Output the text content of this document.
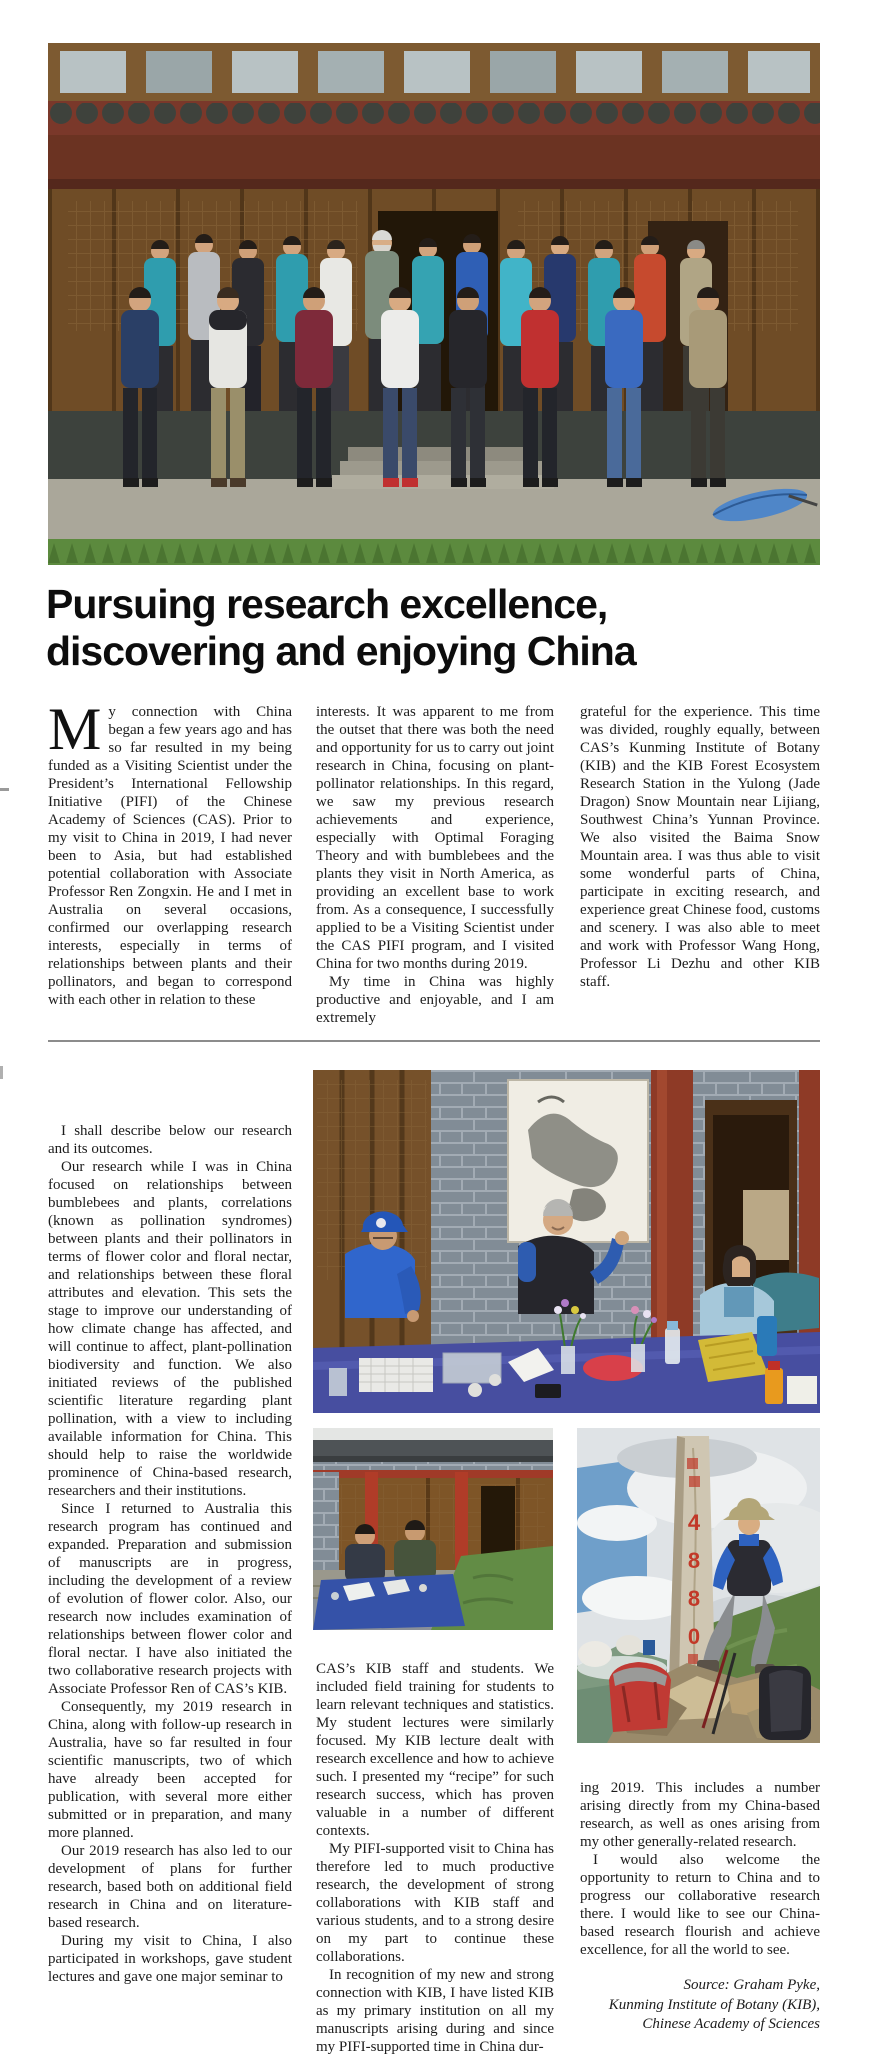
Pursuing research excellence,
discovering and enjoying China

My connection with China began a few years ago and has so far resulted in my being funded as a Visiting Scientist under the President’s International Fellowship Initiative (PIFI) of the Chinese Academy of Sciences (CAS). Prior to my visit to China in 2019, I had never been to Asia, but had established potential collaboration with Associate Professor Ren Zongxin. He and I met in Australia on several occasions, confirmed our overlapping research interests, especially in terms of relationships between plants and their pollinators, and began to correspond with each other in relation to these

interests. It was apparent to me from the outset that there was both the need and opportunity for us to carry out joint research in China, focusing on plant-pollinator relationships. In this regard, we saw my previous research achievements and experience, especially with Optimal Foraging Theory and with bumblebees and the plants they visit in North America, as providing an excellent base to work from. As a consequence, I successfully applied to be a Visiting Scientist under the CAS PIFI program, and I visited China for two months during 2019.

My time in China was highly productive and enjoyable, and I am extremely

grateful for the experience. This time was divided, roughly equally, between CAS’s Kunming Institute of Botany (KIB) and the KIB Forest Ecosystem Research Station in the Yulong (Jade Dragon) Snow Mountain near Lijiang, Southwest China’s Yunnan Province. We also visited the Baima Snow Mountain area. I was thus able to visit some wonderful parts of China, participate in exciting research, and experience great Chinese food, customs and scenery. I was also able to meet and work with Professor Wang Hong, Professor Li Dezhu and other KIB staff.

4
8
8
0

I shall describe below our research and its outcomes.

Our research while I was in China focused on relationships between bumblebees and plants, correlations (known as pollination syndromes) between plants and their pollinators in terms of flower color and floral nectar, and relationships between these floral attributes and elevation. This sets the stage to improve our understanding of how climate change has affected, and will continue to affect, plant-pollination biodiversity and function. We also initiated reviews of the published scientific literature regarding plant pollination, with a view to including available information for China. This should help to raise the worldwide prominence of China-based research, researchers and their institutions.

Since I returned to Australia this research program has continued and expanded. Preparation and submission of manuscripts are in progress, including the development of a review of evolution of flower color. Also, our research now includes examination of relationships between flower color and floral nectar. I have also initiated the two collaborative research projects with Associate Professor Ren of CAS’s KIB.

Consequently, my 2019 research in China, along with follow-up research in Australia, have so far resulted in four scientific manuscripts, two of which have already been accepted for publication, with several more either submitted or in preparation, and many more planned.

Our 2019 research has also led to our development of plans for further research, based both on additional field research in China and on literature-based research.

During my visit to China, I also participated in workshops, gave student lectures and gave one major seminar to

CAS’s KIB staff and students. We included field training for students to learn relevant techniques and statistics. My student lectures were similarly focused. My KIB lecture dealt with research excellence and how to achieve such. I presented my “recipe” for such research success, which has proven valuable in a number of different contexts.

My PIFI-supported visit to China has therefore led to much productive research, the development of strong collaborations with KIB staff and various students, and to a strong desire on my part to continue these collaborations.

In recognition of my new and strong connection with KIB, I have listed KIB as my primary institution on all my manuscripts arising during and since my PIFI-supported time in China dur-

ing 2019. This includes a number arising directly from my China-based research, as well as ones arising from my other generally-related research.

I would also welcome the opportunity to return to China and to progress our collaborative research there. I would like to see our China-based research flourish and achieve excellence, for all the world to see.

Source: Graham Pyke,
Kunming Institute of Botany (KIB),
Chinese Academy of Sciences
